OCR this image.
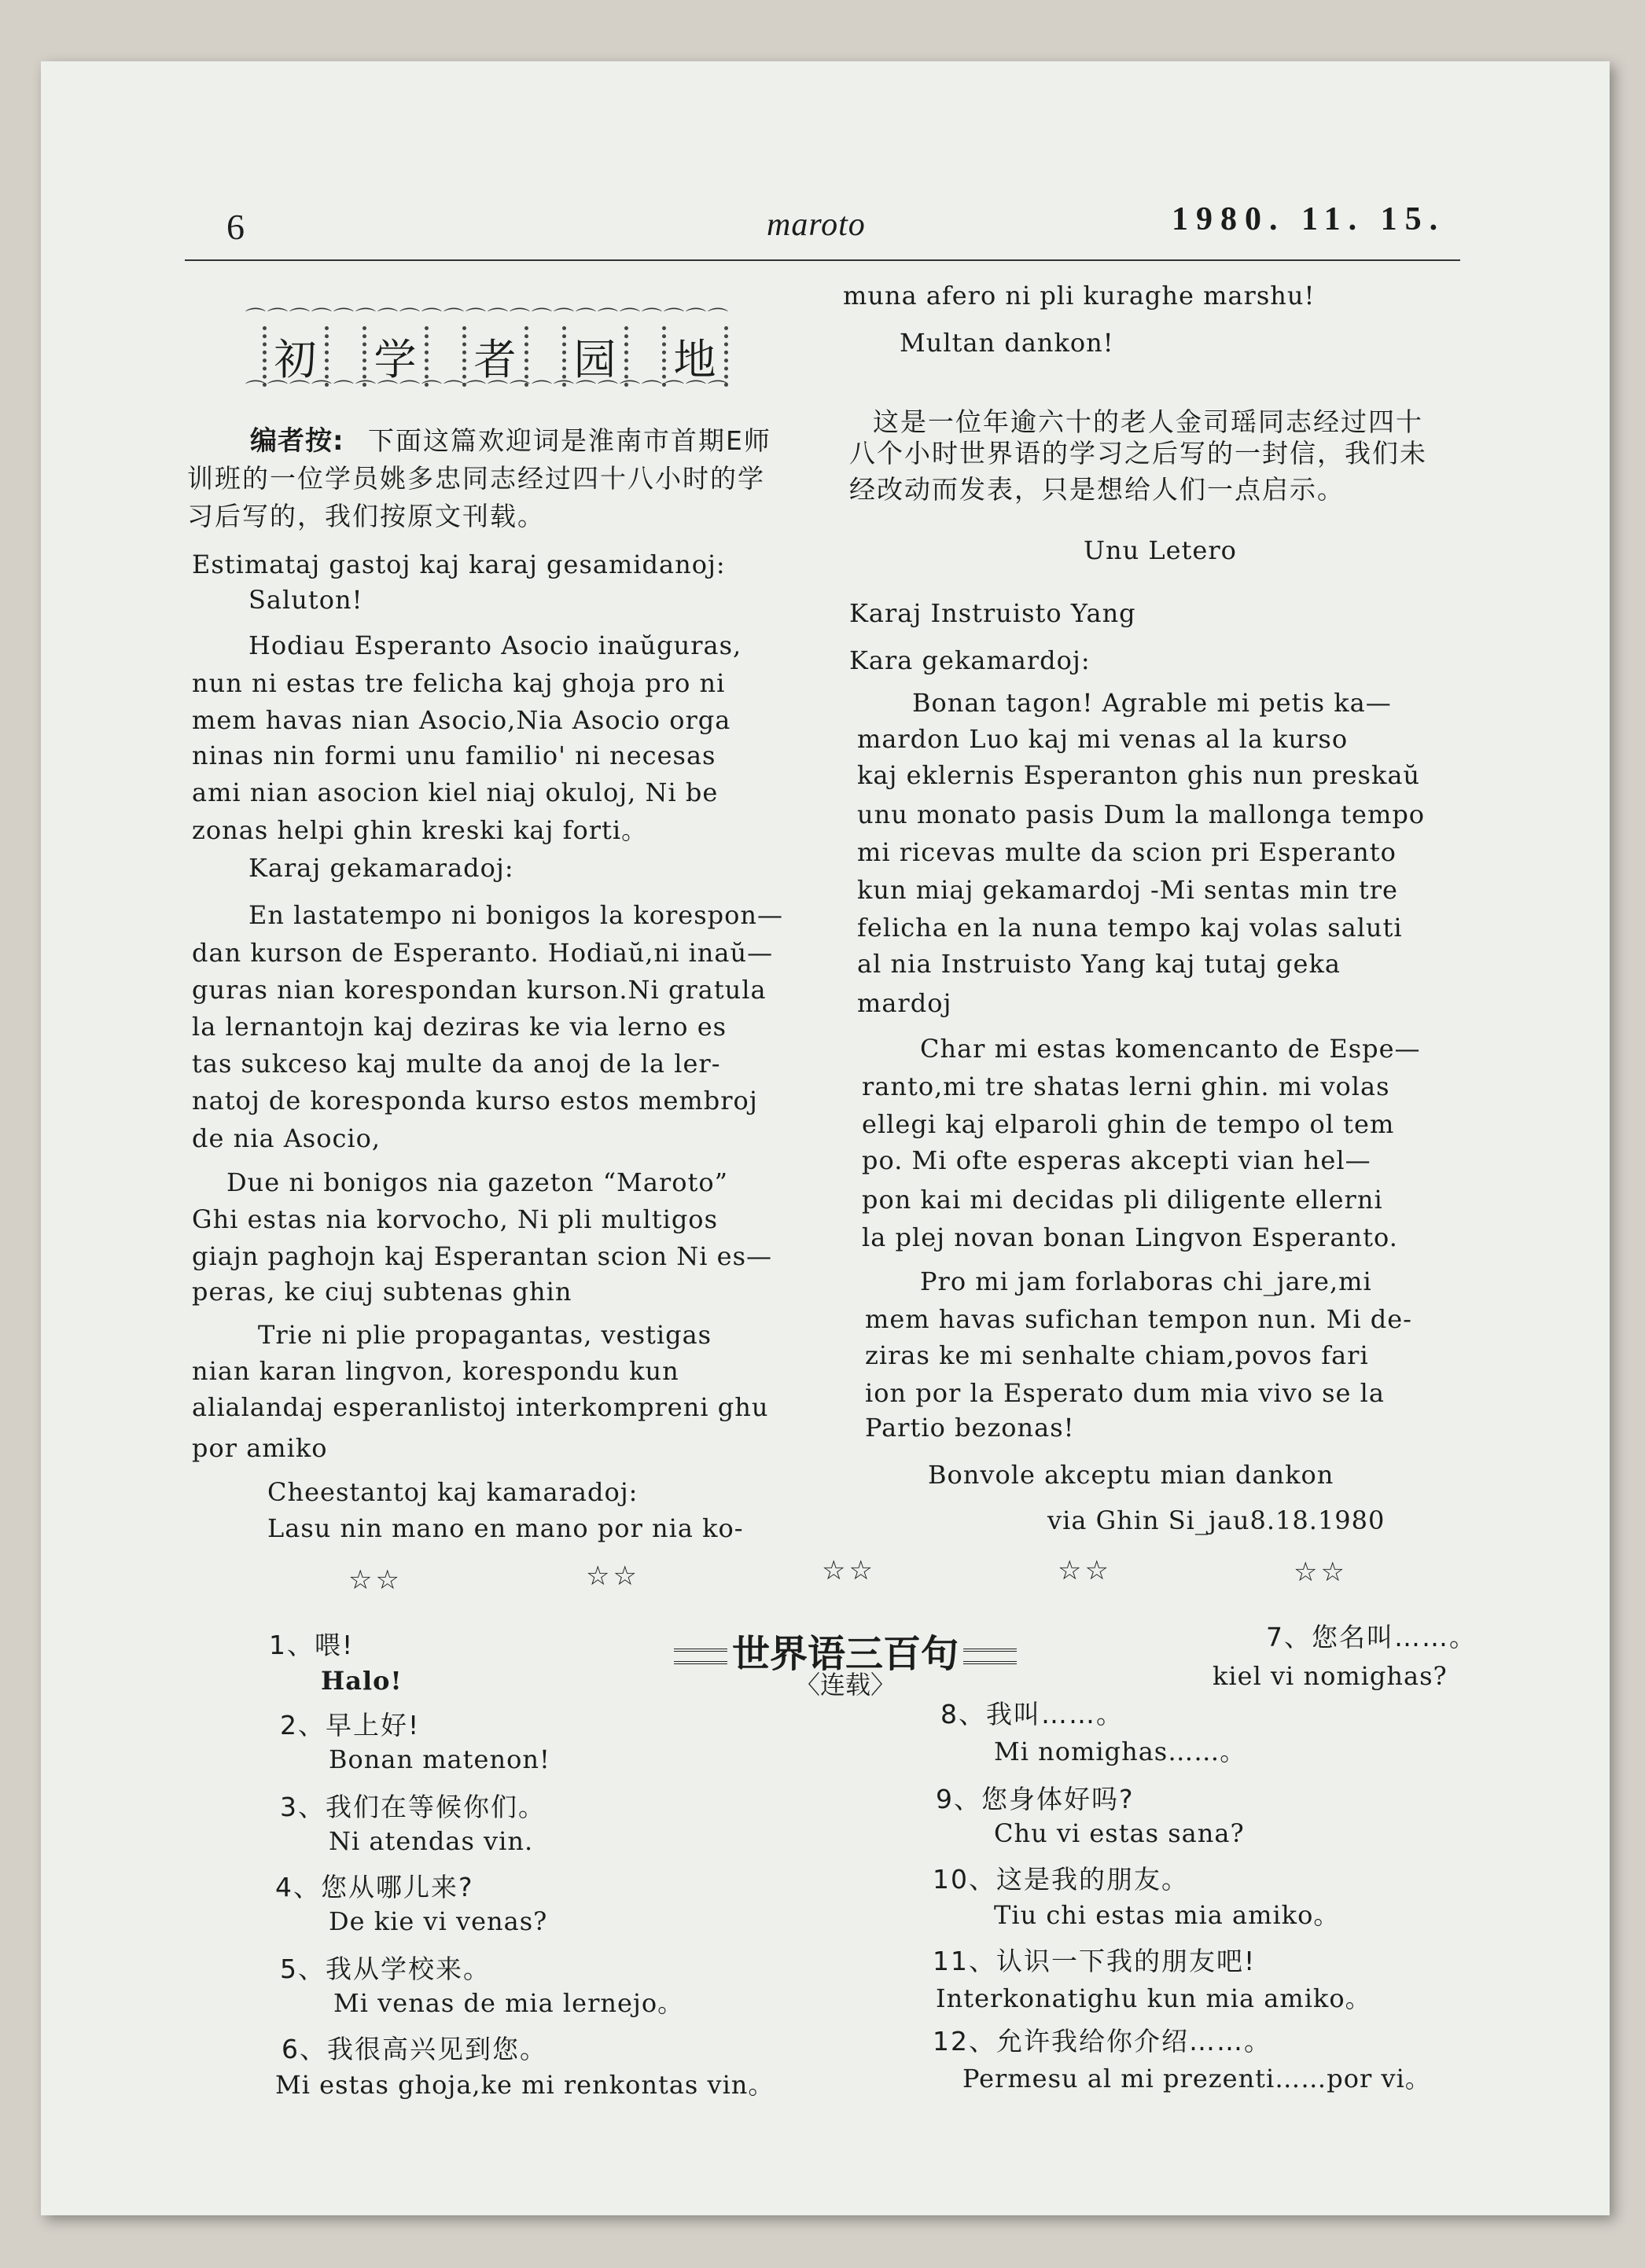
6	maroto	1980. 11. 15.
⌒⌒⌒⌒⌒⌒⌒⌒⌒⌒⌒⌒⌒⌒⌒⌒⌒⌒⌒⌒⌒⌒
初 学 者 园 地
⌒⌒⌒⌒⌒⌒⌒⌒⌒⌒⌒⌒⌒⌒⌒⌒⌒⌒⌒⌒⌒⌒
编者按: 下面这篇欢迎词是淮南市首期E师
训班的一位学员姚多忠同志经过四十八小时的学
习后写的，我们按原文刊载。
Estimataj gastoj kaj karaj gesamidanoj:
Saluton!
Hodiau Esperanto Asocio inaŭguras,
nun ni estas tre felicha kaj ghoja pro ni
mem havas nian Asocio,Nia Asocio orga
ninas nin formi unu familio' ni necesas
ami nian asocion kiel niaj okuloj, Ni be
zonas helpi ghin kreski kaj forti。
Karaj gekamaradoj:
En lastatempo ni bonigos la korespon—
dan kurson de Esperanto. Hodiaŭ,ni inaŭ—
guras nian korespondan kurson.Ni gratula
la lernantojn kaj deziras ke via lerno es
tas sukceso kaj multe da anoj de la ler-
natoj de koresponda kurso estos membroj
de nia Asocio,
Due ni bonigos nia gazeton “Maroto”
Ghi estas nia korvocho, Ni pli multigos
giajn paghojn kaj Esperantan scion Ni es—
peras, ke ciuj subtenas ghin
Trie ni plie propagantas, vestigas
nian karan lingvon, korespondu kun
alialandaj esperanlistoj interkompreni ghu
por amiko
Cheestantoj kaj kamaradoj:
Lasu nin mano en mano por nia ko-
muna afero ni pli kuraghe marshu!
Multan dankon!
这是一位年逾六十的老人金司瑶同志经过四十
八个小时世界语的学习之后写的一封信，我们未
经改动而发表，只是想给人们一点启示。
Unu Letero
Karaj Instruisto Yang
Kara gekamardoj:
Bonan tagon! Agrable mi petis ka—
mardon Luo kaj mi venas al la kurso
kaj eklernis Esperanton ghis nun preskaŭ
unu monato pasis Dum la mallonga tempo
mi ricevas multe da scion pri Esperanto
kun miaj gekamardoj -Mi sentas min tre
felicha en la nuna tempo kaj volas saluti
al nia Instruisto Yang kaj tutaj geka
mardoj
Char mi estas komencanto de Espe—
ranto,mi tre shatas lerni ghin. mi volas
ellegi kaj elparoli ghin de tempo ol tem
po. Mi ofte esperas akcepti vian hel—
pon kai mi decidas pli diligente ellerni
la plej novan bonan Lingvon Esperanto.
Pro mi jam forlaboras chi_jare,mi
mem havas sufichan tempon nun. Mi de-
ziras ke mi senhalte chiam,povos fari
ion por la Esperato dum mia vivo se la
Partio bezonas!
Bonvole akceptu mian dankon
via Ghin Si_jau8.18.1980
☆☆	☆☆	☆☆	☆☆	☆☆
世界语三百句
〈连载〉
1、喂!
Halo!
2、早上好!
Bonan matenon!
3、我们在等候你们。
Ni atendas vin.
4、您从哪儿来?
De kie vi venas?
5、我从学校来。
Mi venas de mia lernejo。
6、我很高兴见到您。
Mi estas ghoja,ke mi renkontas vin。
7、您名叫……。
kiel vi nomighas?
8、我叫……。
Mi nomighas……。
9、您身体好吗?
Chu vi estas sana?
10、这是我的朋友。
Tiu chi estas mia amiko。
11、认识一下我的朋友吧!
Interkonatighu kun mia amiko。
12、允许我给你介绍……。
Permesu al mi prezenti……por vi。
